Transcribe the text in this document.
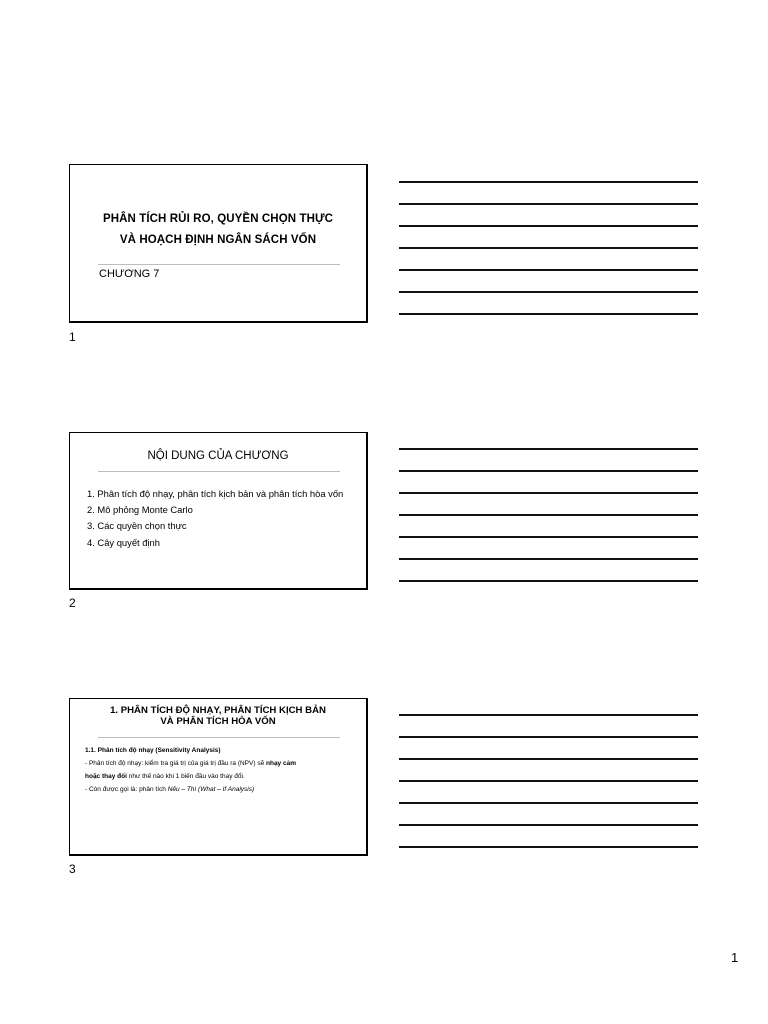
PHÂN TÍCH RỦI RO, QUYỀN CHỌN THỰC
VÀ HOẠCH ĐỊNH NGÂN SÁCH VỐN
CHƯƠNG 7
1
NỘI DUNG CỦA CHƯƠNG
1. Phân tích độ nhạy, phân tích kịch bản và phân tích hòa vốn
2. Mô phỏng Monte Carlo
3. Các quyền chọn thực
4. Cây quyết định
2
1. PHÂN TÍCH ĐỘ NHẠY, PHÂN TÍCH KỊCH BẢN
VÀ PHÂN TÍCH HÒA VỐN
1.1. Phân tích độ nhạy (Sensitivity Analysis)
- Phân tích độ nhạy: kiểm tra giá trị của giá trị đầu ra (NPV) sẽ nhạy cảm
hoặc thay đổi như thế nào khi 1 biến đầu vào thay đổi.
- Còn được gọi là: phân tích Nếu – Thì (What – If Analysis)
3
1
